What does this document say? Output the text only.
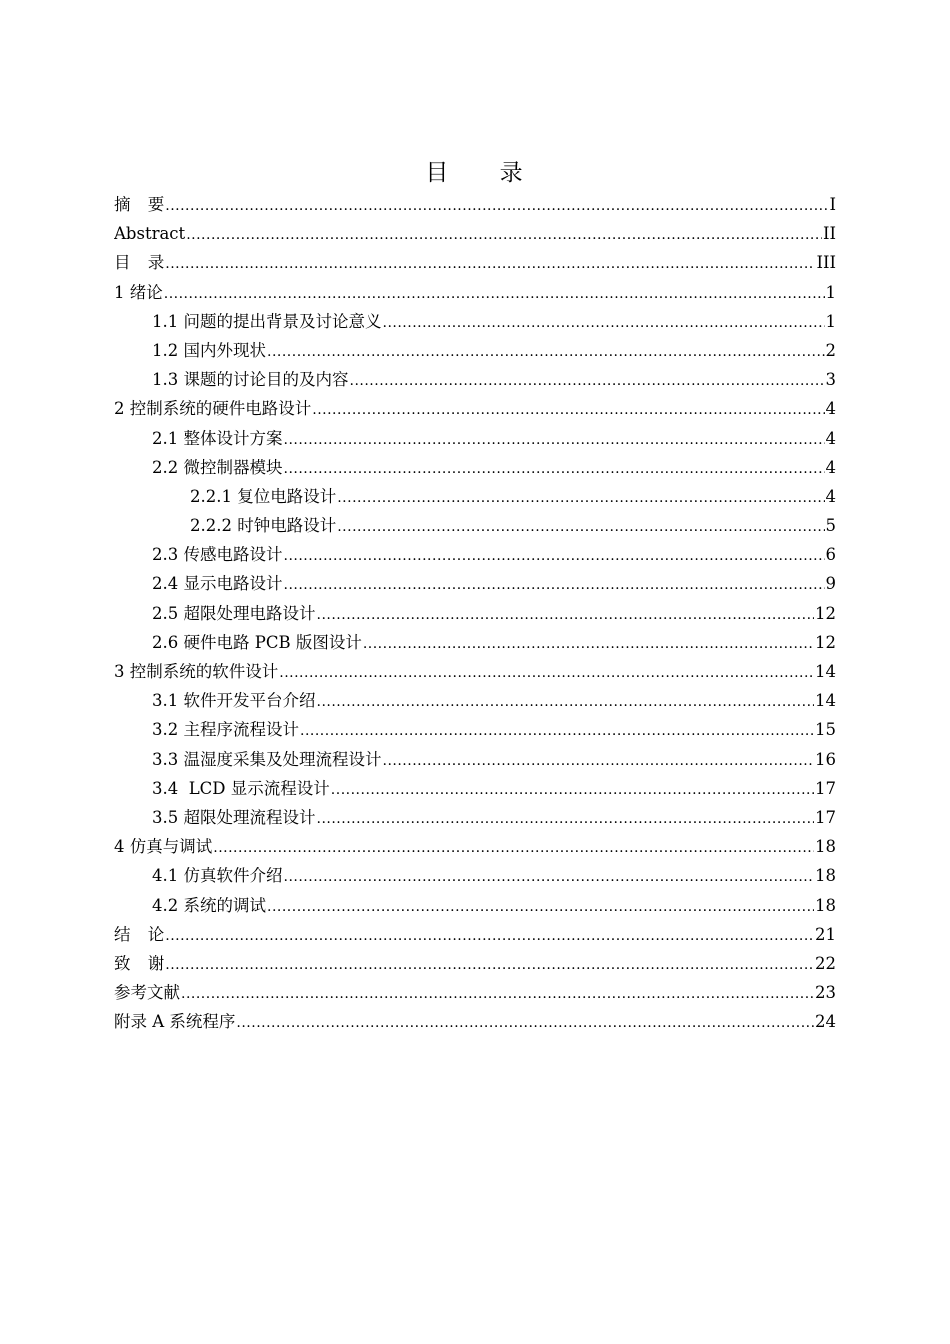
目 录
摘 要 .....	I
Abstract .....	II
目 录 .....	III
1 绪论 .....	1
1.1 问题的提出背景及讨论意义 .....	1
1.2 国内外现状 .....	2
1.3 课题的讨论目的及内容 .....	3
2 控制系统的硬件电路设计 .....	4
2.1 整体设计方案 .....	4
2.2 微控制器模块 .....	4
2.2.1 复位电路设计 .....	4
2.2.2 时钟电路设计 .....	5
2.3 传感电路设计 .....	6
2.4 显示电路设计 .....	9
2.5 超限处理电路设计 .....	12
2.6 硬件电路 PCB 版图设计 .....	12
3 控制系统的软件设计 .....	14
3.1 软件开发平台介绍 .....	14
3.2 主程序流程设计 .....	15
3.3 温湿度采集及处理流程设计 .....	16
3.4  LCD 显示流程设计 .....	17
3.5 超限处理流程设计 .....	17
4 仿真与调试 .....	18
4.1 仿真软件介绍 .....	18
4.2 系统的调试 .....	18
结 论 .....	21
致 谢 .....	22
参考文献 .....	23
附录 A 系统程序 .....	24
